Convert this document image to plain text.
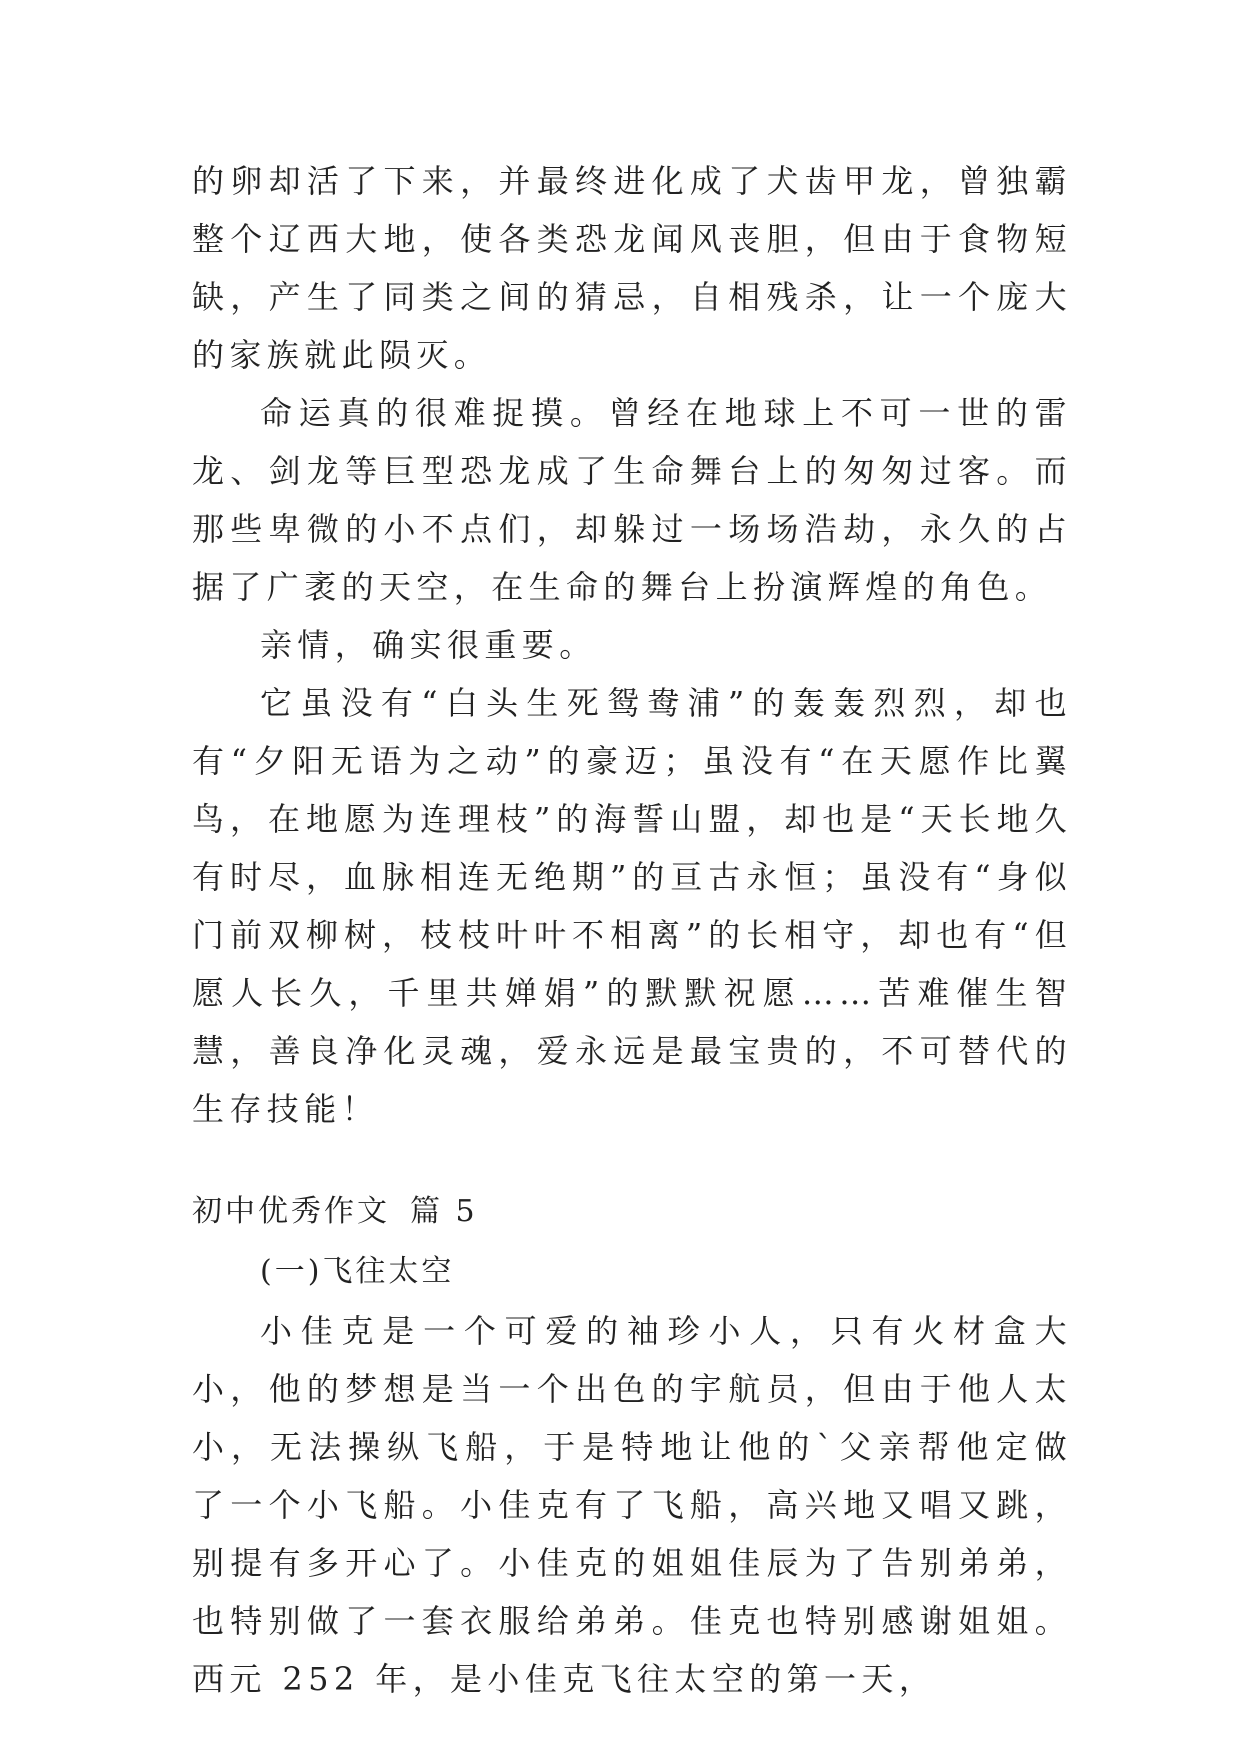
的卵却活了下来，并最终进化成了犬齿甲龙，曾独霸整个辽西大地，使各类恐龙闻风丧胆，但由于食物短缺，产生了同类之间的猜忌，自相残杀，让一个庞大的家族就此陨灭。

命运真的很难捉摸。曾经在地球上不可一世的雷龙、剑龙等巨型恐龙成了生命舞台上的匆匆过客。而那些卑微的小不点们，却躲过一场场浩劫，永久的占据了广袤的天空，在生命的舞台上扮演辉煌的角色。

亲情，确实很重要。

它虽没有“白头生死鸳鸯浦”的轰轰烈烈，却也有“夕阳无语为之动”的豪迈；虽没有“在天愿作比翼鸟，在地愿为连理枝”的海誓山盟，却也是“天长地久有时尽，血脉相连无绝期”的亘古永恒；虽没有“身似门前双柳树，枝枝叶叶不相离”的长相守，却也有“但愿人长久，千里共婵娟”的默默祝愿……苦难催生智慧，善良净化灵魂，爱永远是最宝贵的，不可替代的生存技能！

初中优秀作文 篇 5
(一)飞往太空

小佳克是一个可爱的袖珍小人，只有火材盒大小，他的梦想是当一个出色的宇航员，但由于他人太小，无法操纵飞船，于是特地让他的`父亲帮他定做了一个小飞船。小佳克有了飞船，高兴地又唱又跳，别提有多开心了。小佳克的姐姐佳辰为了告别弟弟，也特别做了一套衣服给弟弟。佳克也特别感谢姐姐。西元 252 年，是小佳克飞往太空的第一天，
